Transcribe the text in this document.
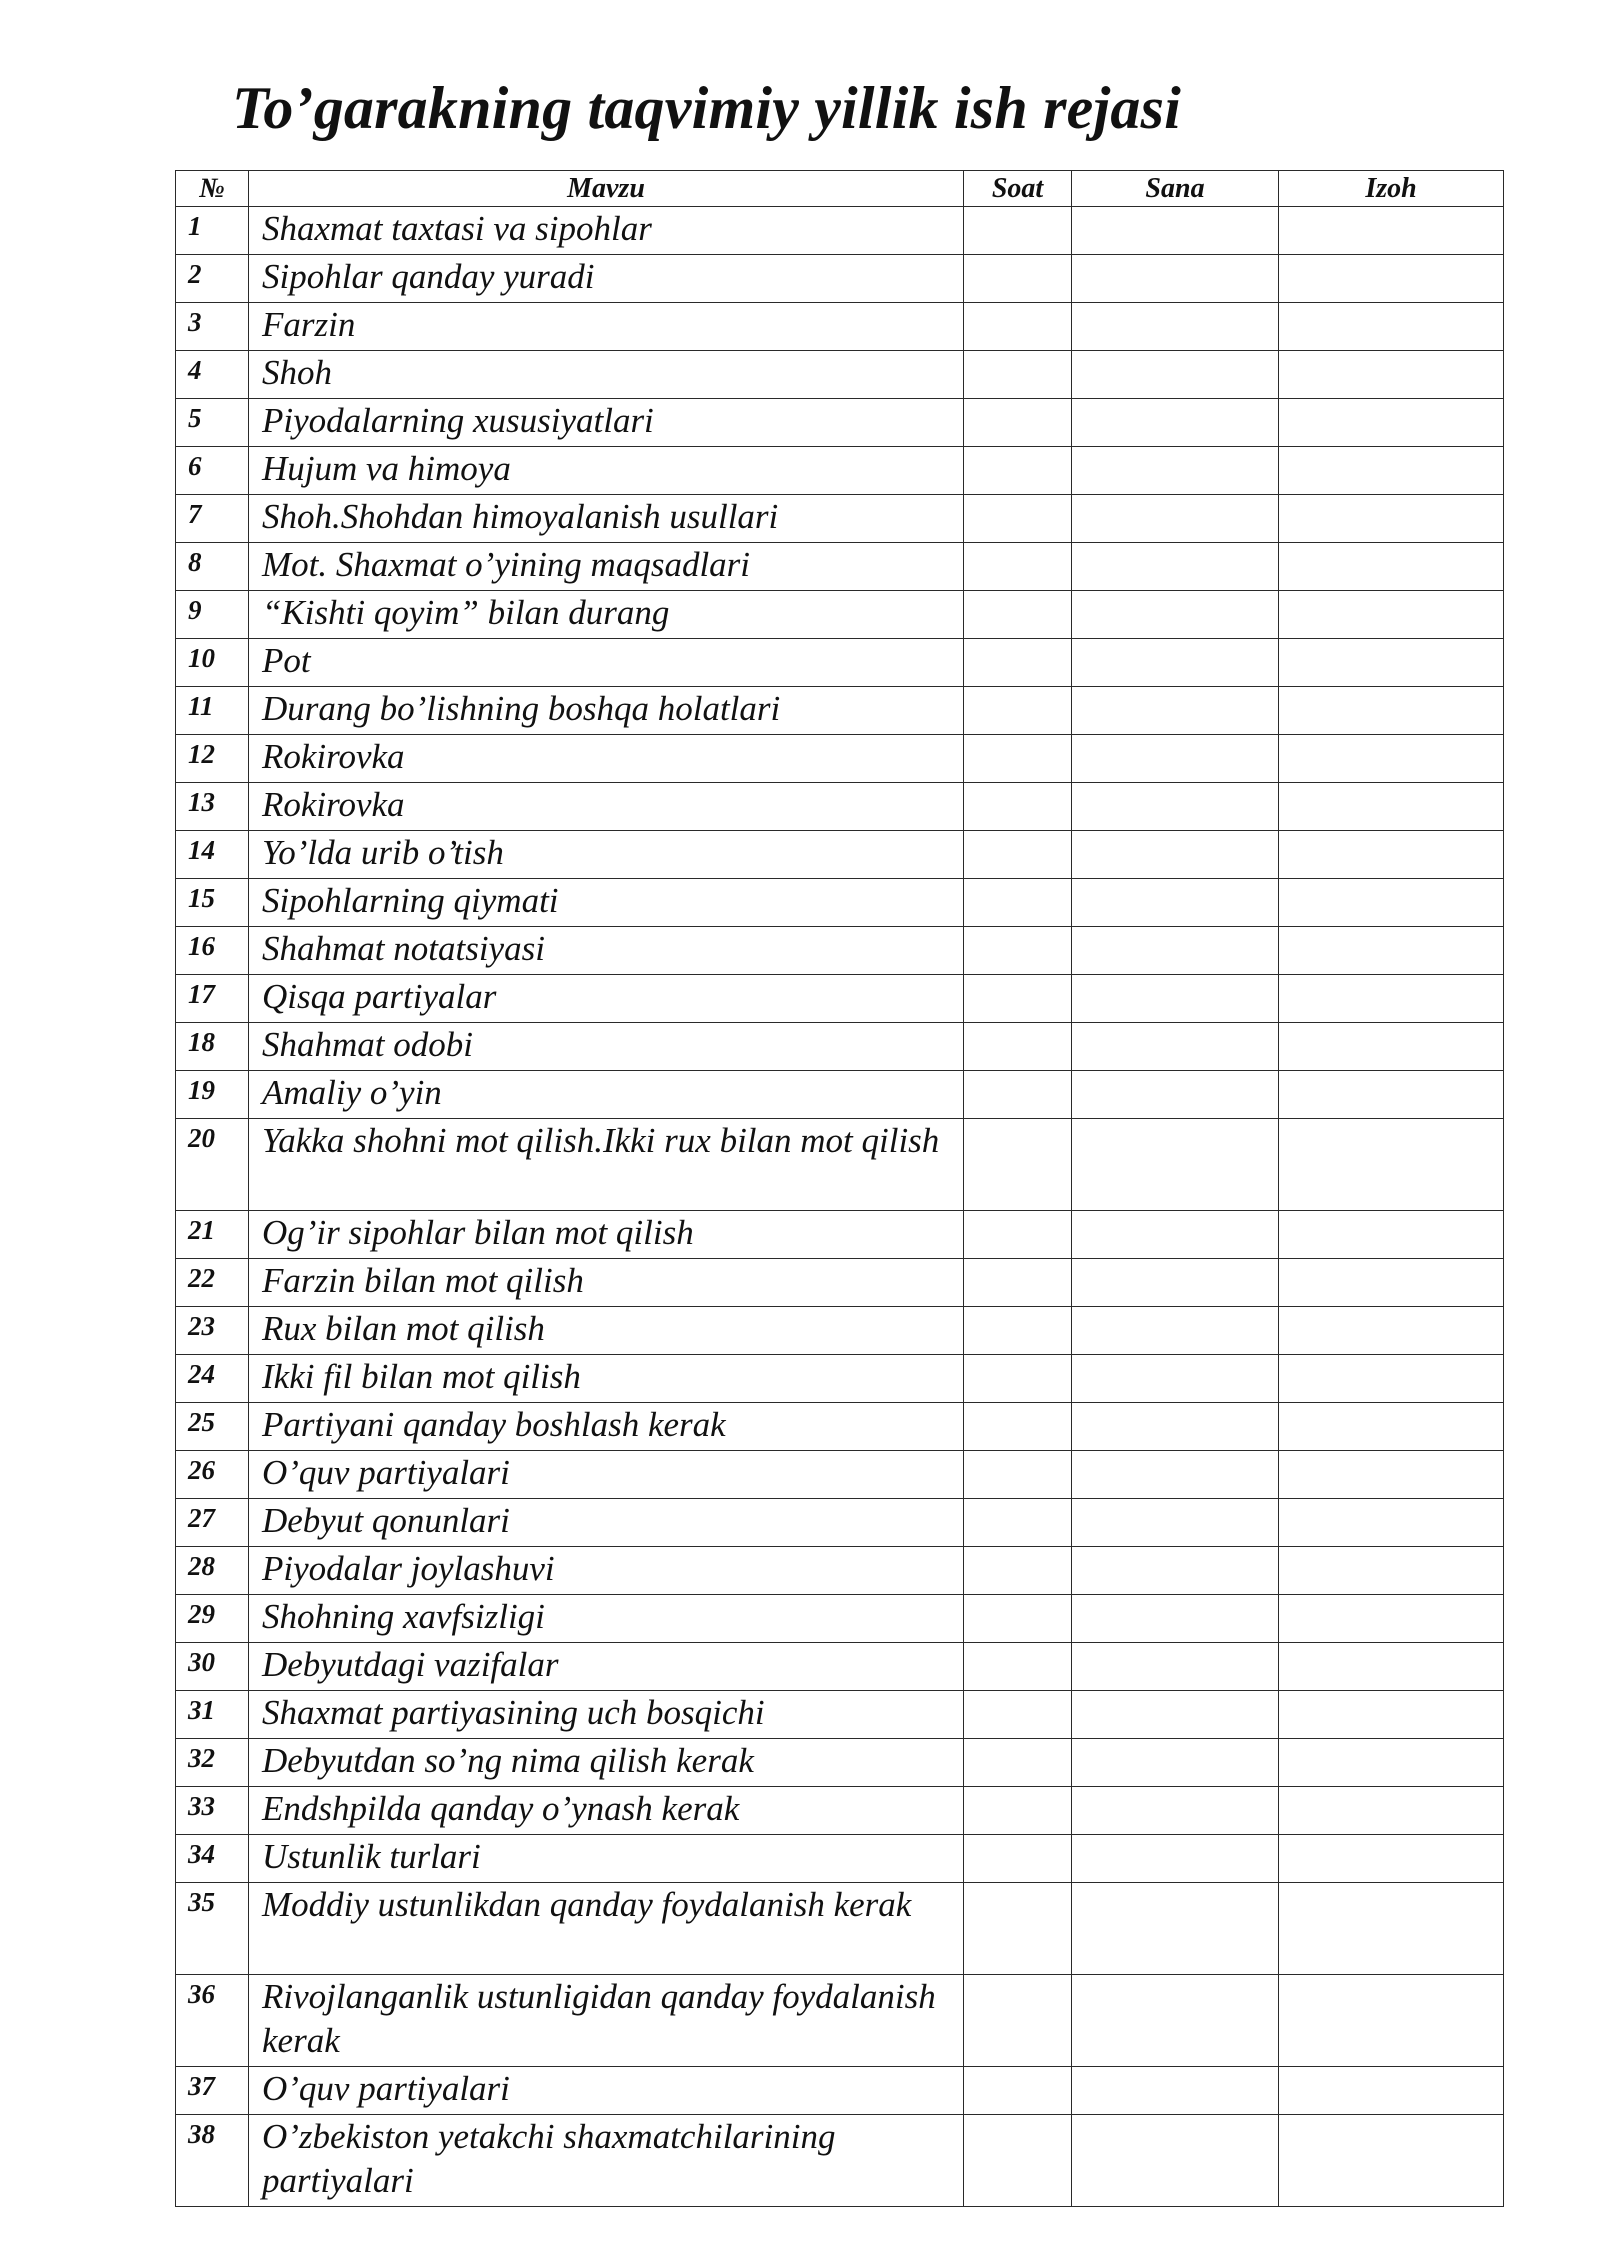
To’garakning taqvimiy yillik ish rejasi
№	Mavzu	Soat	Sana	Izoh
1	Shaxmat taxtasi va sipohlar			
2	Sipohlar qanday yuradi			
3	Farzin			
4	Shoh			
5	Piyodalarning xususiyatlari			
6	Hujum va himoya			
7	Shoh.Shohdan himoyalanish usullari			
8	Mot. Shaxmat o’yining maqsadlari			
9	“Kishti qoyim” bilan durang			
10	Pot			
11	Durang bo’lishning boshqa holatlari			
12	Rokirovka			
13	Rokirovka			
14	Yo’lda urib o’tish			
15	Sipohlarning qiymati			
16	Shahmat notatsiyasi			
17	Qisqa partiyalar			
18	Shahmat odobi			
19	Amaliy o’yin			
20	Yakka shohni mot qilish.Ikki rux bilan mot qilish			
21	Og’ir sipohlar bilan mot qilish			
22	Farzin bilan mot qilish			
23	Rux bilan mot qilish			
24	Ikki fil bilan mot qilish			
25	Partiyani qanday boshlash kerak			
26	O’quv partiyalari			
27	Debyut qonunlari			
28	Piyodalar joylashuvi			
29	Shohning xavfsizligi			
30	Debyutdagi vazifalar			
31	Shaxmat partiyasining uch bosqichi			
32	Debyutdan so’ng nima qilish kerak			
33	Endshpilda qanday o’ynash kerak			
34	Ustunlik turlari			
35	Moddiy ustunlikdan qanday foydalanish kerak			
36	Rivojlanganlik ustunligidan qanday foydalanish kerak			
37	O’quv partiyalari			
38	O’zbekiston yetakchi shaxmatchilarining partiyalari			
